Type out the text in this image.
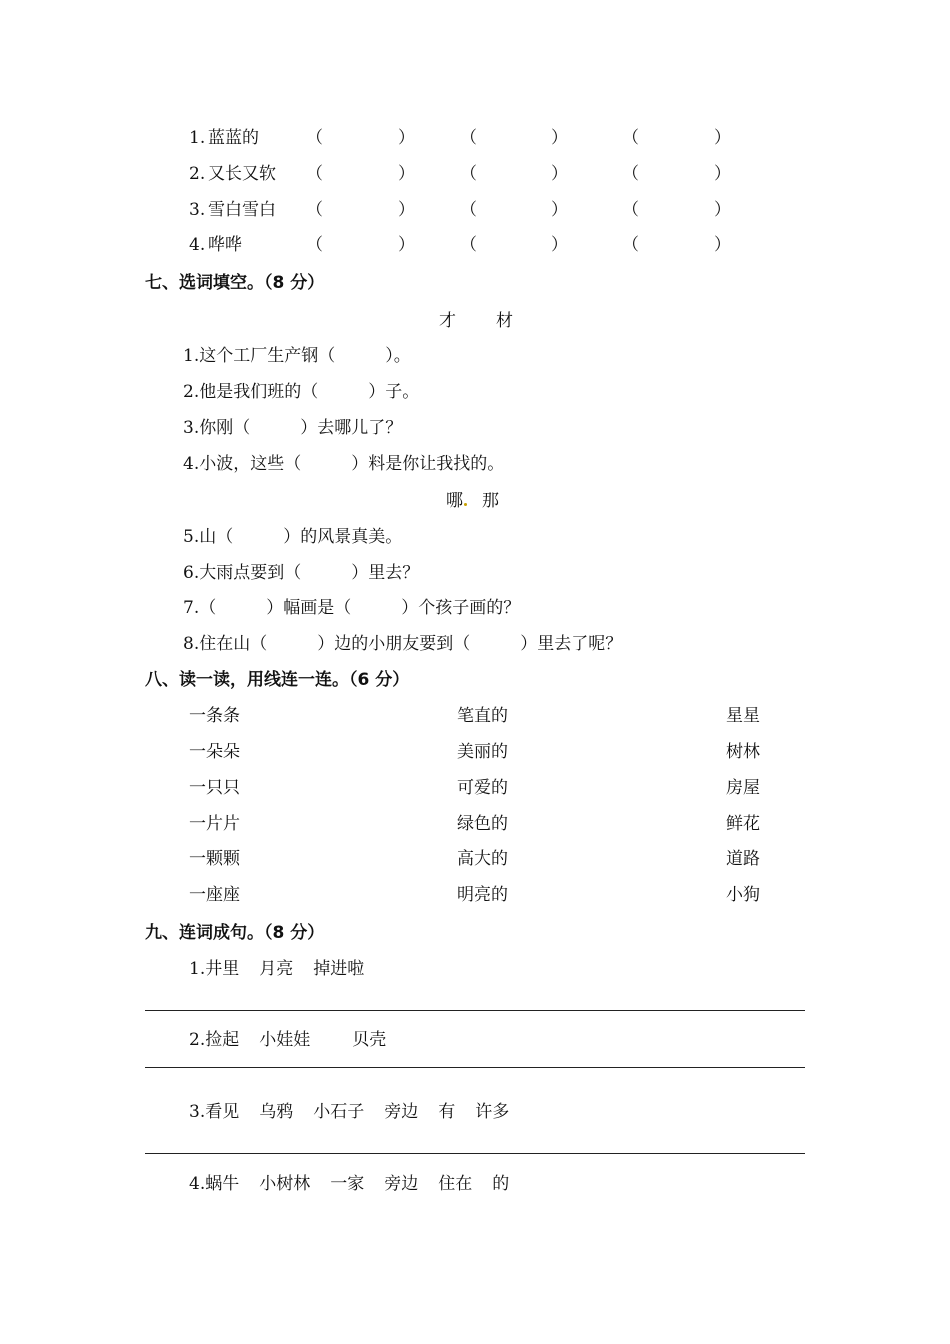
1. 蓝蓝的	（	）	（	）	（	）
2. 又长又软 （	）	（	）	（	）
3. 雪白雪白 （	）	（	）	（	）
4. 哗哗	（	）	（	）	（	）
七、选词填空。（8 分）
才 材
1.这个工厂生产钢（	）。
2.他是我们班的（	）子。
3.你刚（	）去哪儿了？
4.小波，这些（	）料是你让我找的。
哪 那
5.山（	）的风景真美。
6.大雨点要到（	）里去？
7.（	）幅画是（	）个孩子画的？
8.住在山（	）边的小朋友要到（	）里去了呢？
八、读一读，用线连一连。（6 分）
一条条	笔直的	星星
一朵朵	美丽的	树林
一只只	可爱的	房屋
一片片	绿色的	鲜花
一颗颗	高大的	道路
一座座	明亮的	小狗
九、连词成句。（8 分）
1.井里 月亮 掉进啦
2.捡起 小娃娃 贝壳
3.看见 乌鸦 小石子 旁边 有 许多
4.蜗牛 小树林 一家 旁边 住在 的
